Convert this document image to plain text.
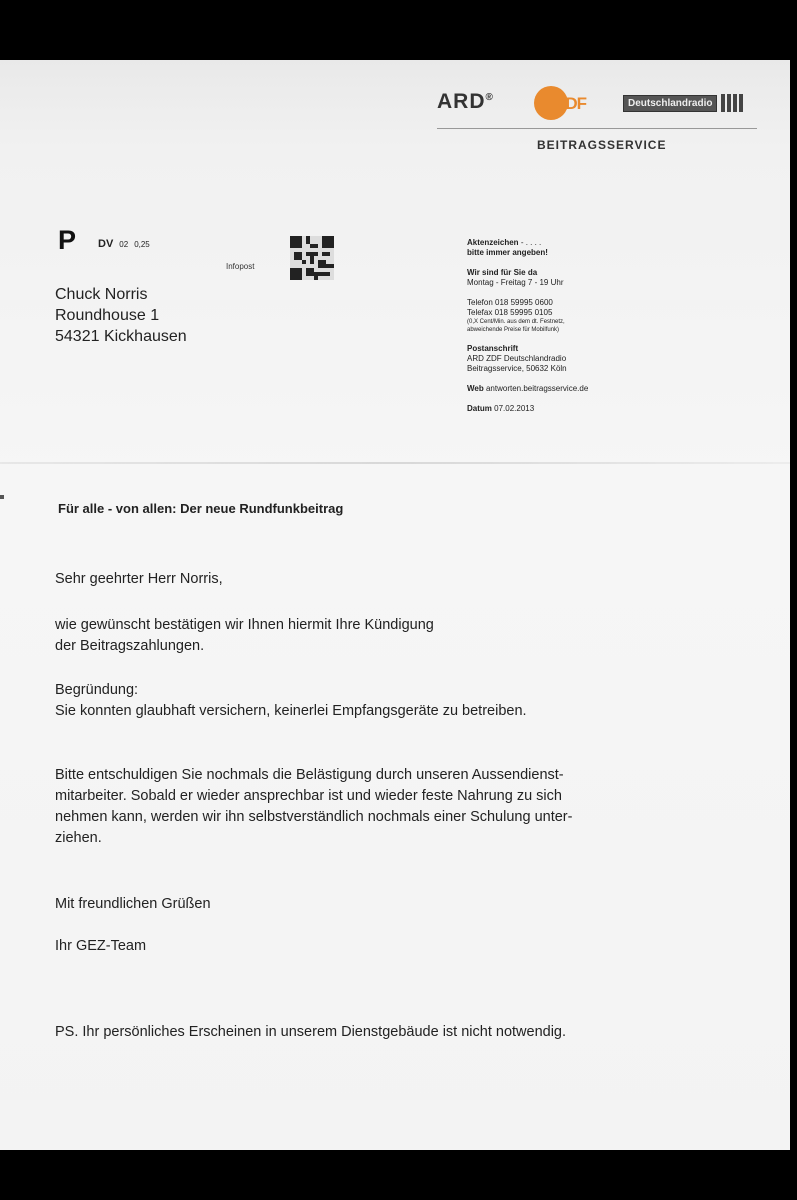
ARD®	ZDF	Deutschlandradio
BEITRAGSSERVICE
P DV 02 0,25
Infopost
Chuck Norris
Roundhouse 1
54321 Kickhausen
Aktenzeichen - . . . .
bitte immer angeben!
Wir sind für Sie da
Montag - Freitag 7 - 19 Uhr
Telefon 018 59995 0600
Telefax 018 59995 0105
(0,X Cent/Min. aus dem dt. Festnetz,
abweichende Preise für Mobilfunk)
Postanschrift
ARD ZDF Deutschlandradio
Beitragsservice, 50632 Köln
Web antworten.beitragsservice.de
Datum 07.02.2013
Für alle - von allen: Der neue Rundfunkbeitrag
Sehr geehrter Herr Norris,
wie gewünscht bestätigen wir Ihnen hiermit Ihre Kündigung
der Beitragszahlungen.
Begründung:
Sie konnten glaubhaft versichern, keinerlei Empfangsgeräte zu betreiben.
Bitte entschuldigen Sie nochmals die Belästigung durch unseren Aussendienst-
mitarbeiter. Sobald er wieder ansprechbar ist und wieder feste Nahrung zu sich
nehmen kann, werden wir ihn selbstverständlich nochmals einer Schulung unter-
ziehen.
Mit freundlichen Grüßen
Ihr GEZ-Team
PS. Ihr persönliches Erscheinen in unserem Dienstgebäude ist nicht notwendig.
